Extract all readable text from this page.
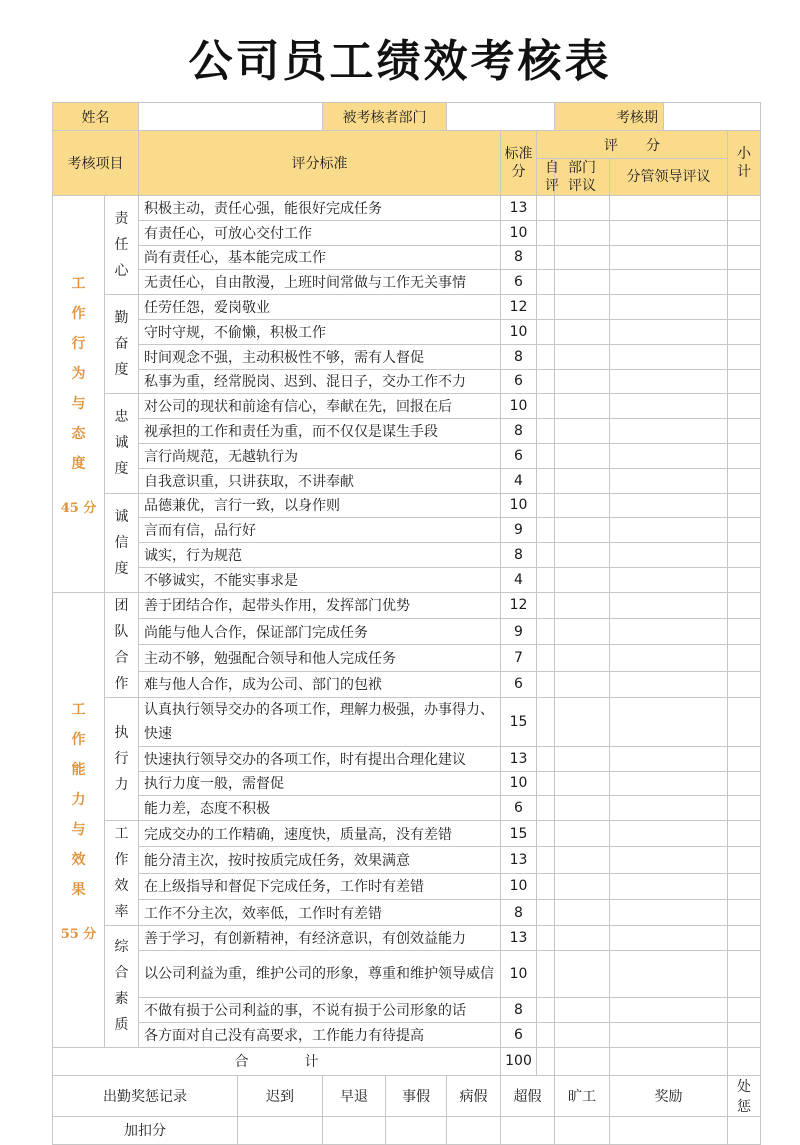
公司员工绩效考核表
姓名				被考核者部门					考核期				
考核项目		评分标准					标准分	评　　分				小计	
								自评	部门评议	分管领导评议			

工作行为与态度
45 分	责任心	积极主动，责任心强，能很好完成任务					13						
		有责任心，可放心交付工作					10						
		尚有责任心，基本能完成工作					8						
		无责任心，自由散漫，上班时间常做与工作无关事情					6						

	勤奋度	任劳任怨，爱岗敬业					12						
		守时守规，不偷懒，积极工作					10						
		时间观念不强，主动积极性不够，需有人督促					8						
		私事为重，经常脱岗、迟到、混日子，交办工作不力					6						

	忠诚度	对公司的现状和前途有信心，奉献在先，回报在后					10						
		视承担的工作和责任为重，而不仅仅是谋生手段					8						
		言行尚规范，无越轨行为					6						
		自我意识重，只讲获取，不讲奉献					4						

	诚信度	品德兼优，言行一致，以身作则					10						
		言而有信，品行好					9						
		诚实，行为规范					8						
		不够诚实，不能实事求是					4						

工作能力与效果
55 分	团队合作	善于团结合作，起带头作用，发挥部门优势					12						
		尚能与他人合作，保证部门完成任务					9						
		主动不够，勉强配合领导和他人完成任务					7						
		难与他人合作，成为公司、部门的包袱					6						

	执行力	认真执行领导交办的各项工作，理解力极强，办事得力、快速					15						
		快速执行领导交办的各项工作，时有提出合理化建议					13						
		执行力度一般，需督促					10						
		能力差，态度不积极					6						

	工作效率	完成交办的工作精确，速度快，质量高，没有差错					15						
		能分清主次，按时按质完成任务，效果满意					13						
		在上级指导和督促下完成任务，工作时有差错					10						
		工作不分主次，效率低，工作时有差错					8						

	综合素质	善于学习，有创新精神，有经济意识，有创效益能力					13						
		以公司利益为重，维护公司的形象，尊重和维护领导威信					10						
		不做有损于公司利益的事，不说有损于公司形象的话					8						
		各方面对自己没有高要求，工作能力有待提高					6						
合　　　　计							100						
出勤奖惩记录			迟到	早退	事假	病假	超假		旷工	奖励		处惩	
加扣分													
